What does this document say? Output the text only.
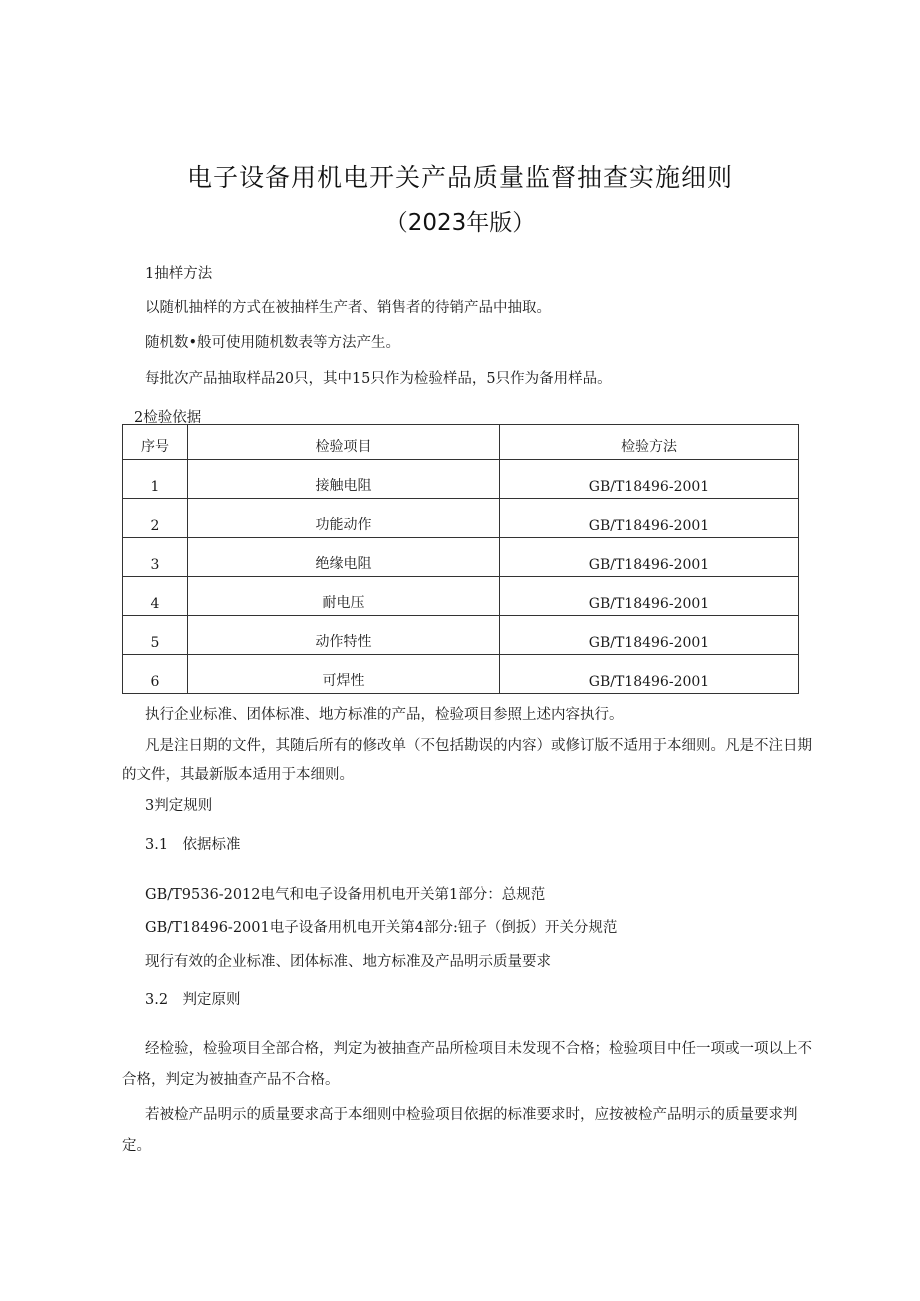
电子设备用机电开关产品质量监督抽查实施细则
（2023年版）
1抽样方法
以随机抽样的方式在被抽样生产者、销售者的待销产品中抽取。
随机数•般可使用随机数表等方法产生。
每批次产品抽取样品20只，其中15只作为检验样品，5只作为备用样品。
2检验依据
序号	检验项目	检验方法
1	接触电阻	GB/T18496-2001
2	功能动作	GB/T18496-2001
3	绝缘电阻	GB/T18496-2001
4	耐电压	GB/T18496-2001
5	动作特性	GB/T18496-2001
6	可焊性	GB/T18496-2001
执行企业标准、团体标准、地方标准的产品，检验项目参照上述内容执行。
凡是注日期的文件，其随后所有的修改单（不包括勘误的内容）或修订版不适用于本细则。凡是不注日期的文件，其最新版本适用于本细则。
3判定规则
3.1　依据标准
GB/T9536-2012电气和电子设备用机电开关第1部分：总规范
GB/T18496-2001电子设备用机电开关第4部分:钮子（倒扳）开关分规范
现行有效的企业标准、团体标准、地方标准及产品明示质量要求
3.2　判定原则
经检验，检验项目全部合格，判定为被抽查产品所检项目未发现不合格；检验项目中任一项或一项以上不合格，判定为被抽查产品不合格。
若被检产品明示的质量要求高于本细则中检验项目依据的标准要求时，应按被检产品明示的质量要求判定。
